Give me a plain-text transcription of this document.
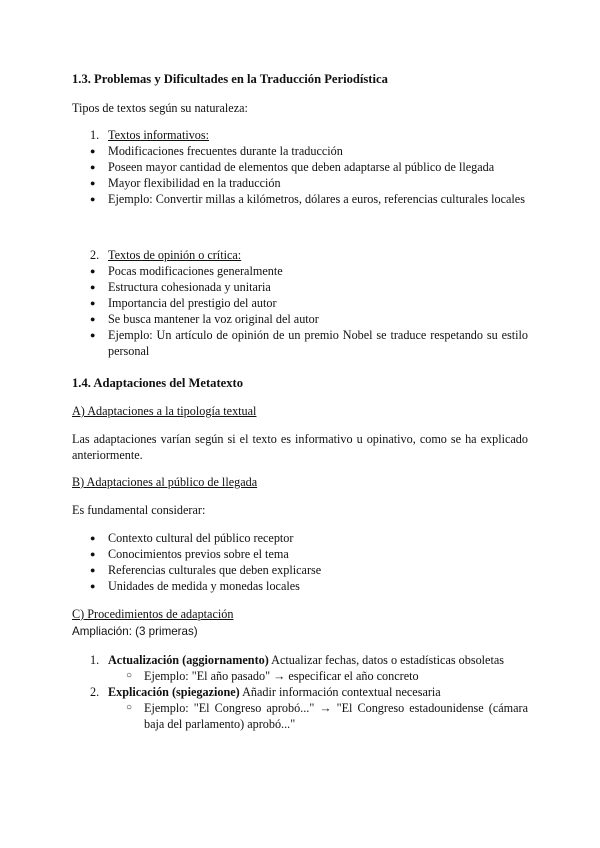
1.3. Problemas y Dificultades en la Traducción Periodística
Tipos de textos según su naturaleza:
1. Textos informativos:
● Modificaciones frecuentes durante la traducción
● Poseen mayor cantidad de elementos que deben adaptarse al público de llegada
● Mayor flexibilidad en la traducción
● Ejemplo: Convertir millas a kilómetros, dólares a euros, referencias culturales locales
2. Textos de opinión o crítica:
● Pocas modificaciones generalmente
● Estructura cohesionada y unitaria
● Importancia del prestigio del autor
● Se busca mantener la voz original del autor
● Ejemplo: Un artículo de opinión de un premio Nobel se traduce respetando su estilo personal
1.4. Adaptaciones del Metatexto
A) Adaptaciones a la tipología textual
Las adaptaciones varían según si el texto es informativo u opinativo, como se ha explicado anteriormente.
B) Adaptaciones al público de llegada
Es fundamental considerar:
● Contexto cultural del público receptor
● Conocimientos previos sobre el tema
● Referencias culturales que deben explicarse
● Unidades de medida y monedas locales
C) Procedimientos de adaptación
Ampliación: (3 primeras)
1. Actualización (aggiornamento) Actualizar fechas, datos o estadísticas obsoletas
○ Ejemplo: "El año pasado" → especificar el año concreto
2. Explicación (spiegazione) Añadir información contextual necesaria
○ Ejemplo: "El Congreso aprobó..." → "El Congreso estadounidense (cámara baja del parlamento) aprobó..."
